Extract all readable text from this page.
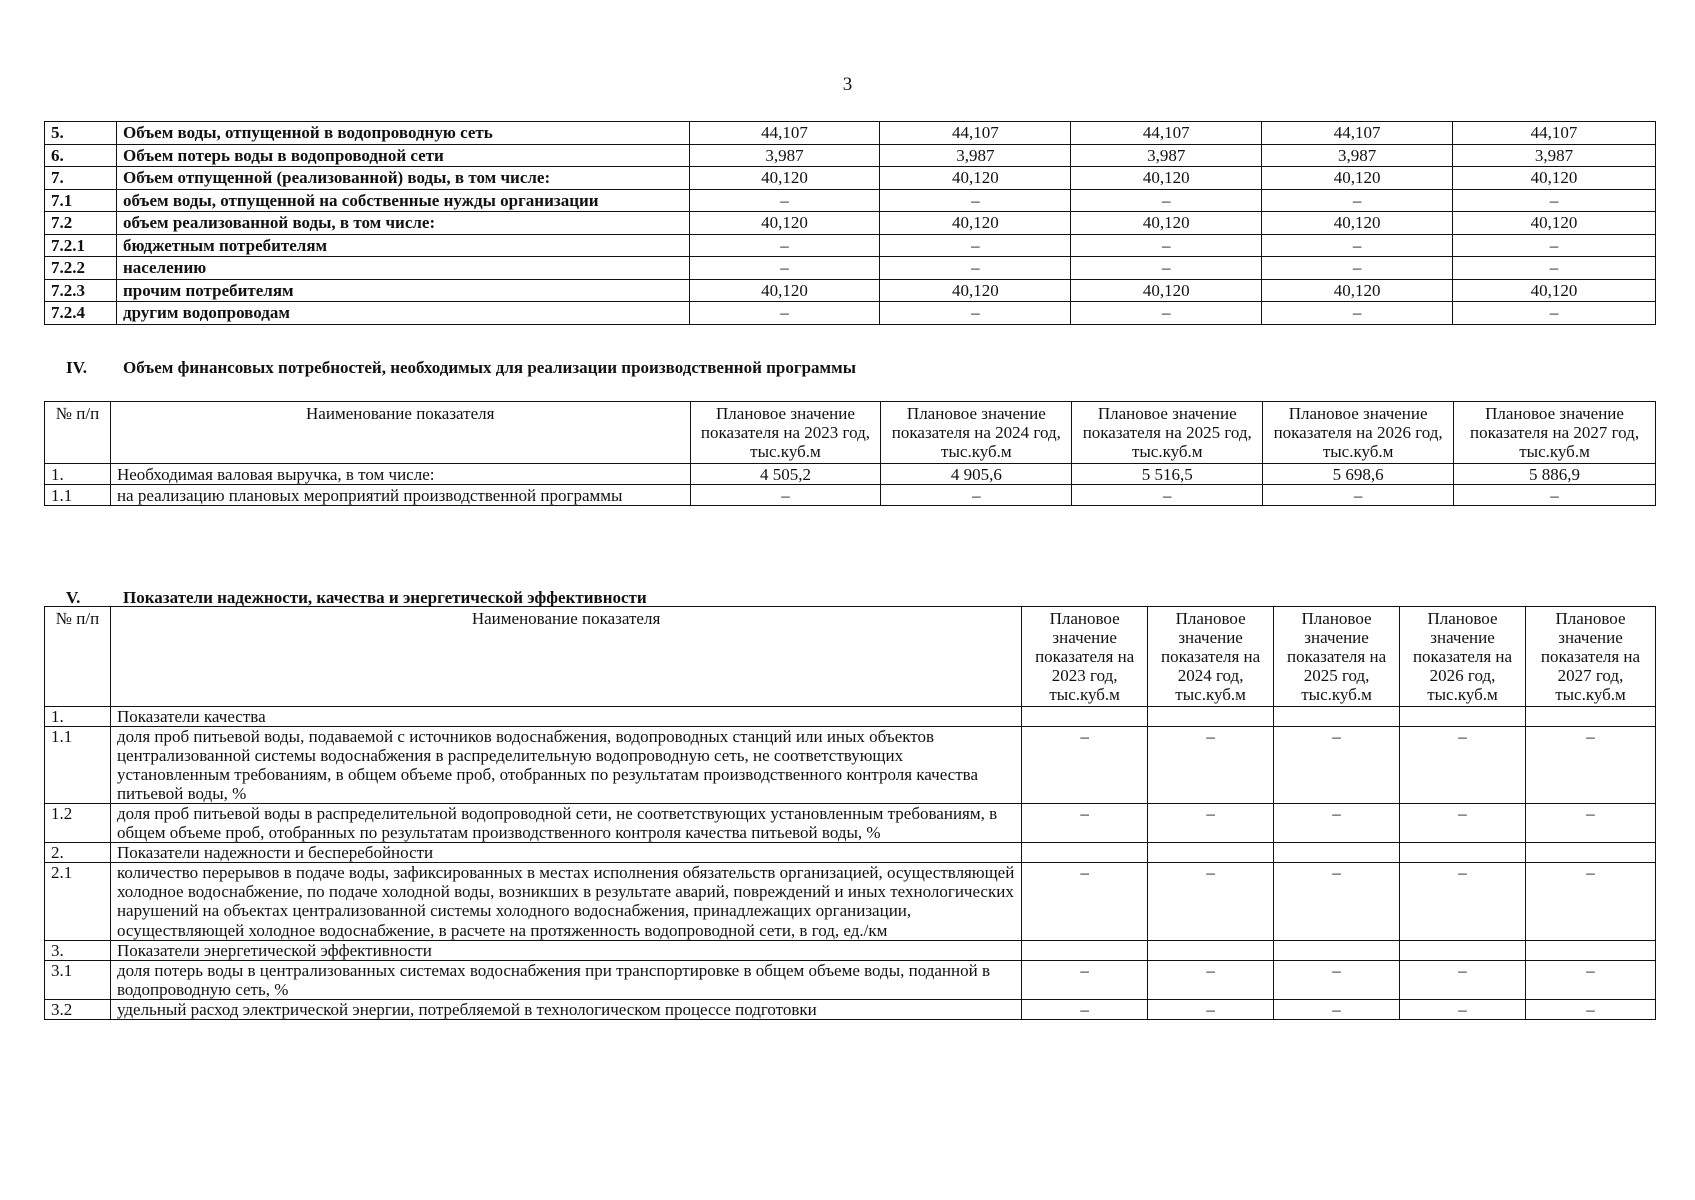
3
5.	Объем воды, отпущенной в водопроводную сеть	44,107	44,107	44,107	44,107	44,107
6.	Объем потерь воды в водопроводной сети	3,987	3,987	3,987	3,987	3,987
7.	Объем отпущенной (реализованной) воды, в том числе:	40,120	40,120	40,120	40,120	40,120
7.1	объем воды, отпущенной на собственные нужды организации	–	–	–	–	–
7.2	объем реализованной воды, в том числе:	40,120	40,120	40,120	40,120	40,120
7.2.1	бюджетным потребителям	–	–	–	–	–
7.2.2	населению	–	–	–	–	–
7.2.3	прочим потребителям	40,120	40,120	40,120	40,120	40,120
7.2.4	другим водопроводам	–	–	–	–	–
IV. Объем финансовых потребностей, необходимых для реализации производственной программы
№ п/п	Наименование показателя	Плановое значение показателя на 2023 год, тыс.куб.м	Плановое значение показателя на 2024 год, тыс.куб.м	Плановое значение показателя на 2025 год, тыс.куб.м	Плановое значение показателя на 2026 год, тыс.куб.м	Плановое значение показателя на 2027 год, тыс.куб.м
1.	Необходимая валовая выручка, в том числе:	4 505,2	4 905,6	5 516,5	5 698,6	5 886,9
1.1	на реализацию плановых мероприятий производственной программы	–	–	–	–	–
V.	Показатели надежности, качества и энергетической эффективности
№ п/п	Наименование показателя	Плановое значение показателя на 2023 год, тыс.куб.м	Плановое значение показателя на 2024 год, тыс.куб.м	Плановое значение показателя на 2025 год, тыс.куб.м	Плановое значение показателя на 2026 год, тыс.куб.м	Плановое значение показателя на 2027 год, тыс.куб.м
1.	Показатели качества					
1.1	доля проб питьевой воды, подаваемой с источников водоснабжения, водопроводных станций или иных объектов централизованной системы водоснабжения в распределительную водопроводную сеть, не соответствующих установленным требованиям, в общем объеме проб, отобранных по результатам производственного контроля качества питьевой воды, %	–	–	–	–	–
1.2	доля проб питьевой воды в распределительной водопроводной сети, не соответствующих установленным требованиям, в общем объеме проб, отобранных по результатам производственного контроля качества питьевой воды, %	–	–	–	–	–
2.	Показатели надежности и бесперебойности					
2.1	количество перерывов в подаче воды, зафиксированных в местах исполнения обязательств организацией, осуществляющей холодное водоснабжение, по подаче холодной воды, возникших в результате аварий, повреждений и иных технологических нарушений на объектах централизованной системы холодного водоснабжения, принадлежащих организации, осуществляющей холодное водоснабжение, в расчете на протяженность водопроводной сети, в год, ед./км	–	–	–	–	–
3.	Показатели энергетической эффективности					
3.1	доля потерь воды в централизованных системах водоснабжения при транспортировке в общем объеме воды, поданной в водопроводную сеть, %	–	–	–	–	–
3.2	удельный расход электрической энергии, потребляемой в технологическом процессе подготовки	–	–	–	–	–
